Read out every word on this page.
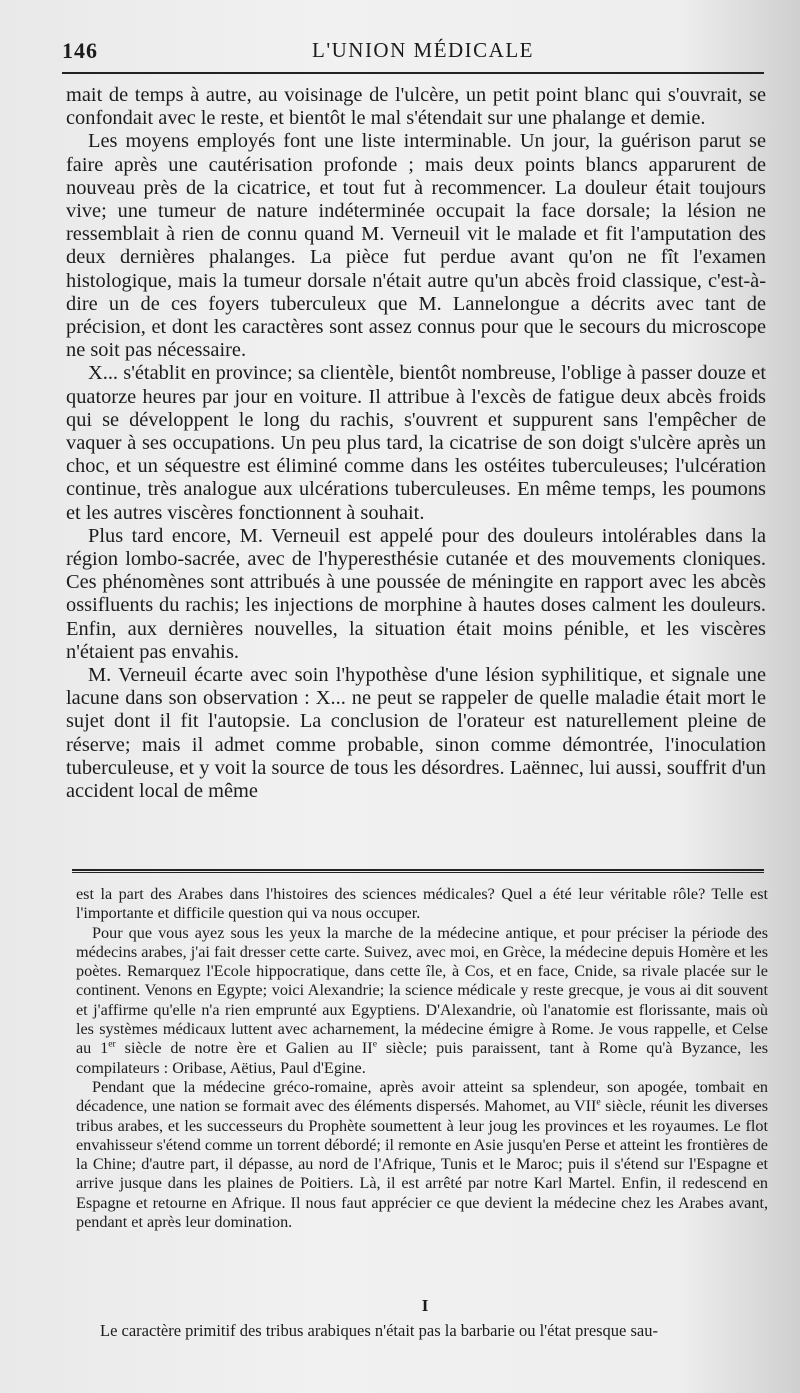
146	L'UNION MÉDICALE

mait de temps à autre, au voisinage de l'ulcère, un petit point blanc qui s'ouvrait, se confondait avec le reste, et bientôt le mal s'étendait sur une phalange et demie.

Les moyens employés font une liste interminable. Un jour, la guérison parut se faire après une cautérisation profonde ; mais deux points blancs apparurent de nouveau près de la cicatrice, et tout fut à recommencer. La douleur était toujours vive; une tumeur de nature indéterminée occupait la face dorsale; la lésion ne ressemblait à rien de connu quand M. Verneuil vit le malade et fit l'amputation des deux dernières phalanges. La pièce fut perdue avant qu'on ne fît l'examen histologique, mais la tumeur dorsale n'était autre qu'un abcès froid classique, c'est-à-dire un de ces foyers tuberculeux que M. Lannelongue a décrits avec tant de précision, et dont les caractères sont assez connus pour que le secours du microscope ne soit pas nécessaire.

X... s'établit en province; sa clientèle, bientôt nombreuse, l'oblige à passer douze et quatorze heures par jour en voiture. Il attribue à l'excès de fatigue deux abcès froids qui se développent le long du rachis, s'ouvrent et suppurent sans l'empêcher de vaquer à ses occupations. Un peu plus tard, la cicatrise de son doigt s'ulcère après un choc, et un séquestre est éliminé comme dans les ostéites tuberculeuses; l'ulcération continue, très analogue aux ulcérations tuberculeuses. En même temps, les poumons et les autres viscères fonctionnent à souhait.

Plus tard encore, M. Verneuil est appelé pour des douleurs intolérables dans la région lombo-sacrée, avec de l'hyperesthésie cutanée et des mouvements cloniques. Ces phénomènes sont attribués à une poussée de méningite en rapport avec les abcès ossifluents du rachis; les injections de morphine à hautes doses calment les douleurs. Enfin, aux dernières nouvelles, la situation était moins pénible, et les viscères n'étaient pas envahis.

M. Verneuil écarte avec soin l'hypothèse d'une lésion syphilitique, et signale une lacune dans son observation : X... ne peut se rappeler de quelle maladie était mort le sujet dont il fit l'autopsie. La conclusion de l'orateur est naturellement pleine de réserve; mais il admet comme probable, sinon comme démontrée, l'inoculation tuberculeuse, et y voit la source de tous les désordres. Laënnec, lui aussi, souffrit d'un accident local de même

est la part des Arabes dans l'histoires des sciences médicales? Quel a été leur véritable rôle? Telle est l'importante et difficile question qui va nous occuper.

Pour que vous ayez sous les yeux la marche de la médecine antique, et pour préciser la période des médecins arabes, j'ai fait dresser cette carte. Suivez, avec moi, en Grèce, la médecine depuis Homère et les poètes. Remarquez l'Ecole hippocratique, dans cette île, à Cos, et en face, Cnide, sa rivale placée sur le continent. Venons en Egypte; voici Alexandrie; la science médicale y reste grecque, je vous ai dit souvent et j'affirme qu'elle n'a rien emprunté aux Egyptiens. D'Alexandrie, où l'anatomie est florissante, mais où les systèmes médicaux luttent avec acharnement, la médecine émigre à Rome. Je vous rappelle, et Celse au 1er siècle de notre ère et Galien au IIe siècle; puis paraissent, tant à Rome qu'à Byzance, les compilateurs : Oribase, Aëtius, Paul d'Egine.

Pendant que la médecine gréco-romaine, après avoir atteint sa splendeur, son apogée, tombait en décadence, une nation se formait avec des éléments dispersés. Mahomet, au VIIe siècle, réunit les diverses tribus arabes, et les successeurs du Prophète soumettent à leur joug les provinces et les royaumes. Le flot envahisseur s'étend comme un torrent débordé; il remonte en Asie jusqu'en Perse et atteint les frontières de la Chine; d'autre part, il dépasse, au nord de l'Afrique, Tunis et le Maroc; puis il s'étend sur l'Espagne et arrive jusque dans les plaines de Poitiers. Là, il est arrêté par notre Karl Martel. Enfin, il redescend en Espagne et retourne en Afrique. Il nous faut apprécier ce que devient la médecine chez les Arabes avant, pendant et après leur domination.

I
Le caractère primitif des tribus arabiques n'était pas la barbarie ou l'état presque sau-
